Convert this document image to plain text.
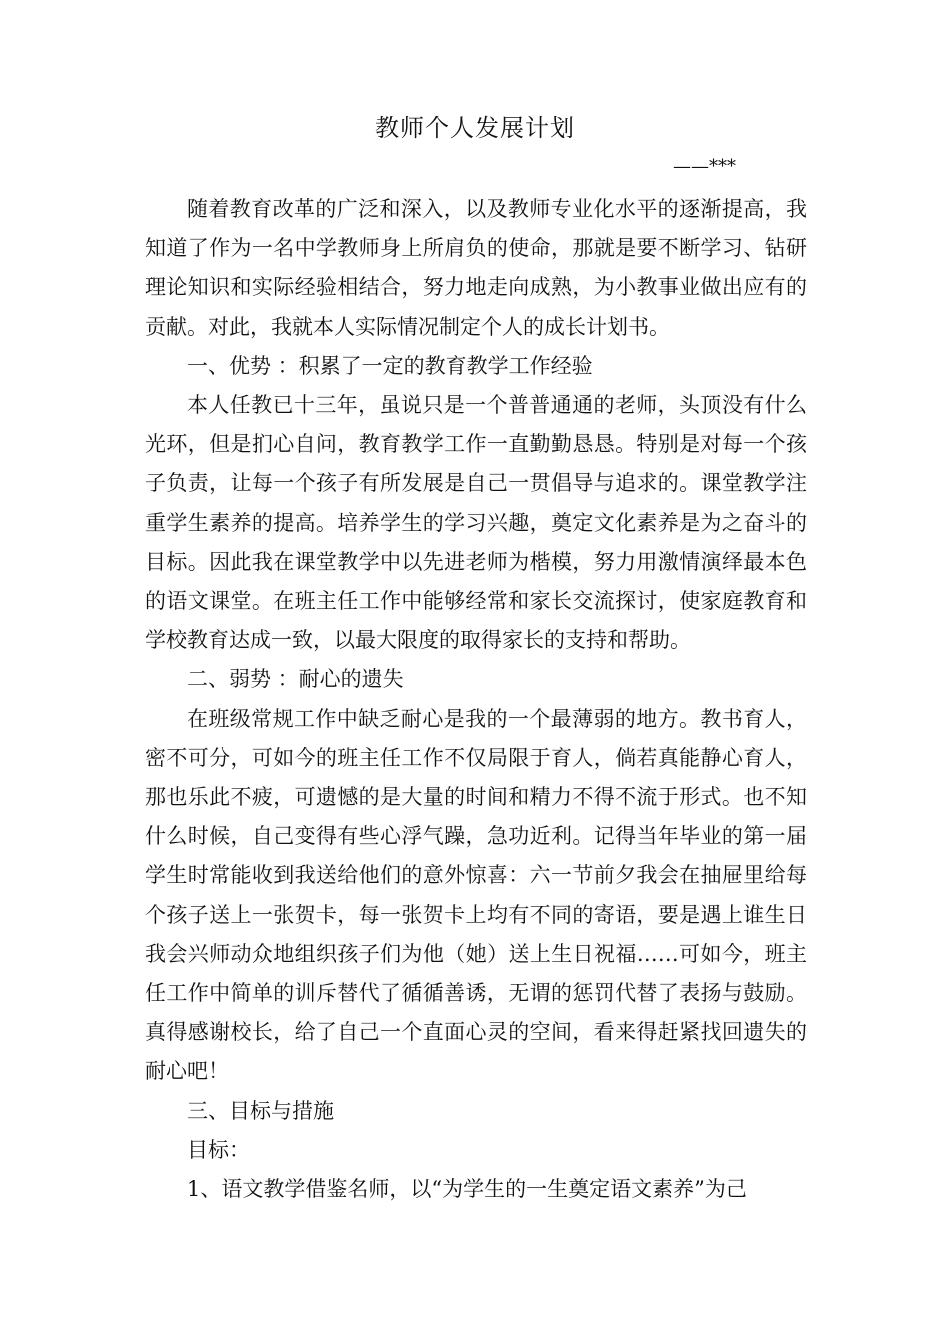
教师个人发展计划
——***

随着教育改革的广泛和深入，以及教师专业化水平的逐渐提高，我知道了作为一名中学教师身上所肩负的使命，那就是要不断学习、钻研理论知识和实际经验相结合，努力地走向成熟，为小教事业做出应有的贡献。对此，我就本人实际情况制定个人的成长计划书。

一、优势 ：积累了一定的教育教学工作经验

本人任教已十三年，虽说只是一个普普通通的老师，头顶没有什么光环，但是扪心自问，教育教学工作一直勤勤恳恳。特别是对每一个孩子负责，让每一个孩子有所发展是自己一贯倡导与追求的。课堂教学注重学生素养的提高。培养学生的学习兴趣，奠定文化素养是为之奋斗的目标。因此我在课堂教学中以先进老师为楷模，努力用激情演绎最本色的语文课堂。在班主任工作中能够经常和家长交流探讨，使家庭教育和学校教育达成一致，以最大限度的取得家长的支持和帮助。

二、弱势 ：耐心的遗失

在班级常规工作中缺乏耐心是我的一个最薄弱的地方。教书育人，密不可分，可如今的班主任工作不仅局限于育人，倘若真能静心育人，那也乐此不疲，可遗憾的是大量的时间和精力不得不流于形式。也不知什么时候，自己变得有些心浮气躁，急功近利。记得当年毕业的第一届学生时常能收到我送给他们的意外惊喜：六一节前夕我会在抽屉里给每个孩子送上一张贺卡，每一张贺卡上均有不同的寄语，要是遇上谁生日我会兴师动众地组织孩子们为他（她）送上生日祝福……可如今，班主任工作中简单的训斥替代了循循善诱，无谓的惩罚代替了表扬与鼓励。真得感谢校长，给了自己一个直面心灵的空间，看来得赶紧找回遗失的耐心吧！

三、目标与措施

目标：

1、语文教学借鉴名师，以“为学生的一生奠定语文素养”为己
